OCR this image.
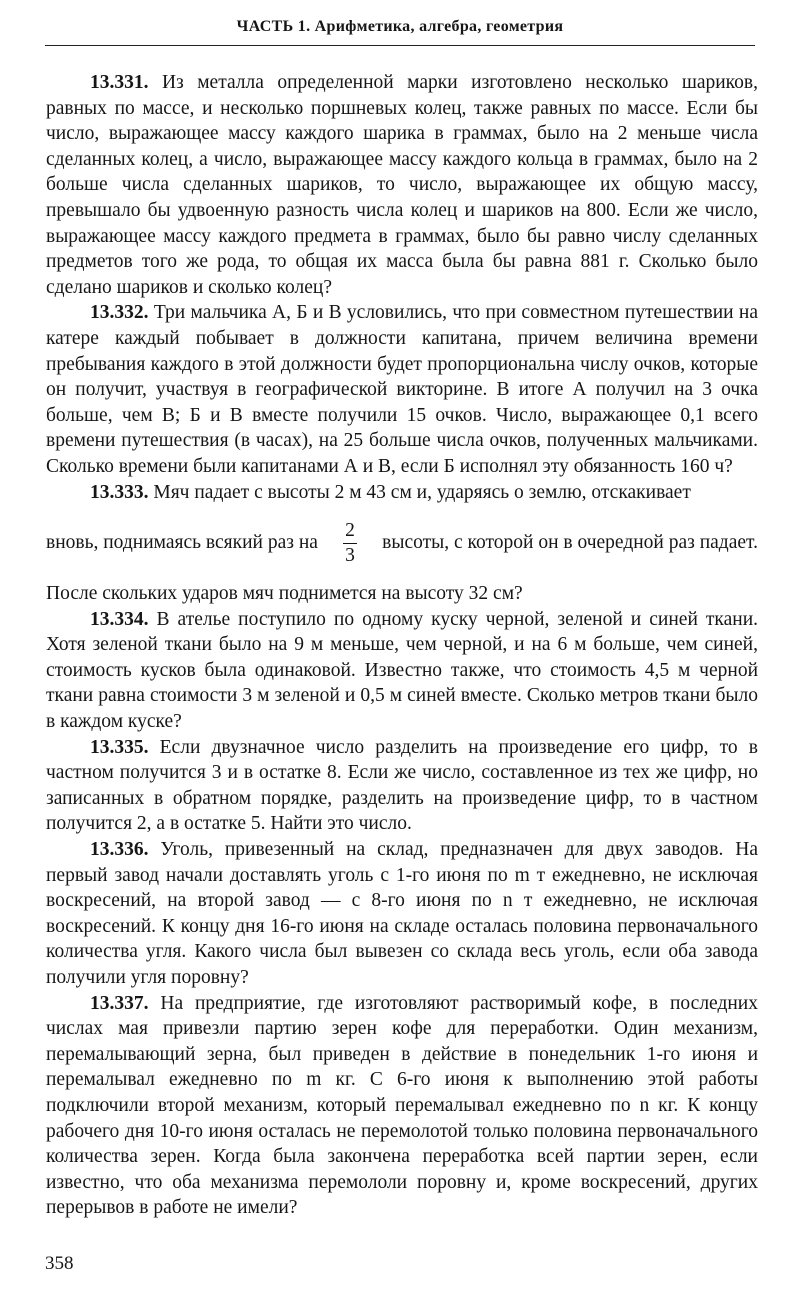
ЧАСТЬ 1. Арифметика, алгебра, геометрия

13.331. Из металла определенной марки изготовлено несколько шариков, равных по массе, и несколько поршневых колец, также равных по массе. Если бы число, выражающее массу каждого шарика в граммах, было на 2 меньше числа сделанных колец, а число, выражающее массу каждого кольца в граммах, было на 2 больше числа сделанных шариков, то число, выражающее их общую массу, превышало бы удвоенную разность числа колец и шариков на 800. Если же число, выражающее массу каждого предмета в граммах, было бы равно числу сделанных предметов того же рода, то общая их масса была бы равна 881 г. Сколько было сделано шариков и сколько колец?

13.332. Три мальчика А, Б и В условились, что при совместном путешествии на катере каждый побывает в должности капитана, причем величина времени пребывания каждого в этой должности будет пропорциональна числу очков, которые он получит, участвуя в географической викторине. В итоге А получил на 3 очка больше, чем В; Б и В вместе получили 15 очков. Число, выражающее 0,1 всего времени путешествия (в часах), на 25 больше числа очков, полученных мальчиками. Сколько времени были капитанами А и В, если Б исполнял эту обязанность 160 ч?

13.333. Мяч падает с высоты 2 м 43 см и, ударяясь о землю, отскакивает

вновь, поднимаясь всякий раз на $\frac{2}{3}$ высоты, с которой он в очередной раз падает.

После скольких ударов мяч поднимется на высоту 32 см?

13.334. В ателье поступило по одному куску черной, зеленой и синей ткани. Хотя зеленой ткани было на 9 м меньше, чем черной, и на 6 м больше, чем синей, стоимость кусков была одинаковой. Известно также, что стоимость 4,5 м черной ткани равна стоимости 3 м зеленой и 0,5 м синей вместе. Сколько метров ткани было в каждом куске?

13.335. Если двузначное число разделить на произведение его цифр, то в частном получится 3 и в остатке 8. Если же число, составленное из тех же цифр, но записанных в обратном порядке, разделить на произведение цифр, то в частном получится 2, а в остатке 5. Найти это число.

13.336. Уголь, привезенный на склад, предназначен для двух заводов. На первый завод начали доставлять уголь с 1-го июня по m т ежедневно, не исключая воскресений, на второй завод — с 8-го июня по n т ежедневно, не исключая воскресений. К концу дня 16-го июня на складе осталась половина первоначального количества угля. Какого числа был вывезен со склада весь уголь, если оба завода получили угля поровну?

13.337. На предприятие, где изготовляют растворимый кофе, в последних числах мая привезли партию зерен кофе для переработки. Один механизм, перемалывающий зерна, был приведен в действие в понедельник 1-го июня и перемалывал ежедневно по m кг. С 6-го июня к выполнению этой работы подключили второй механизм, который перемалывал ежедневно по n кг. К концу рабочего дня 10-го июня осталась не перемолотой только половина первоначального количества зерен. Когда была закончена переработка всей партии зерен, если известно, что оба механизма перемололи поровну и, кроме воскресений, других перерывов в работе не имели?

358
